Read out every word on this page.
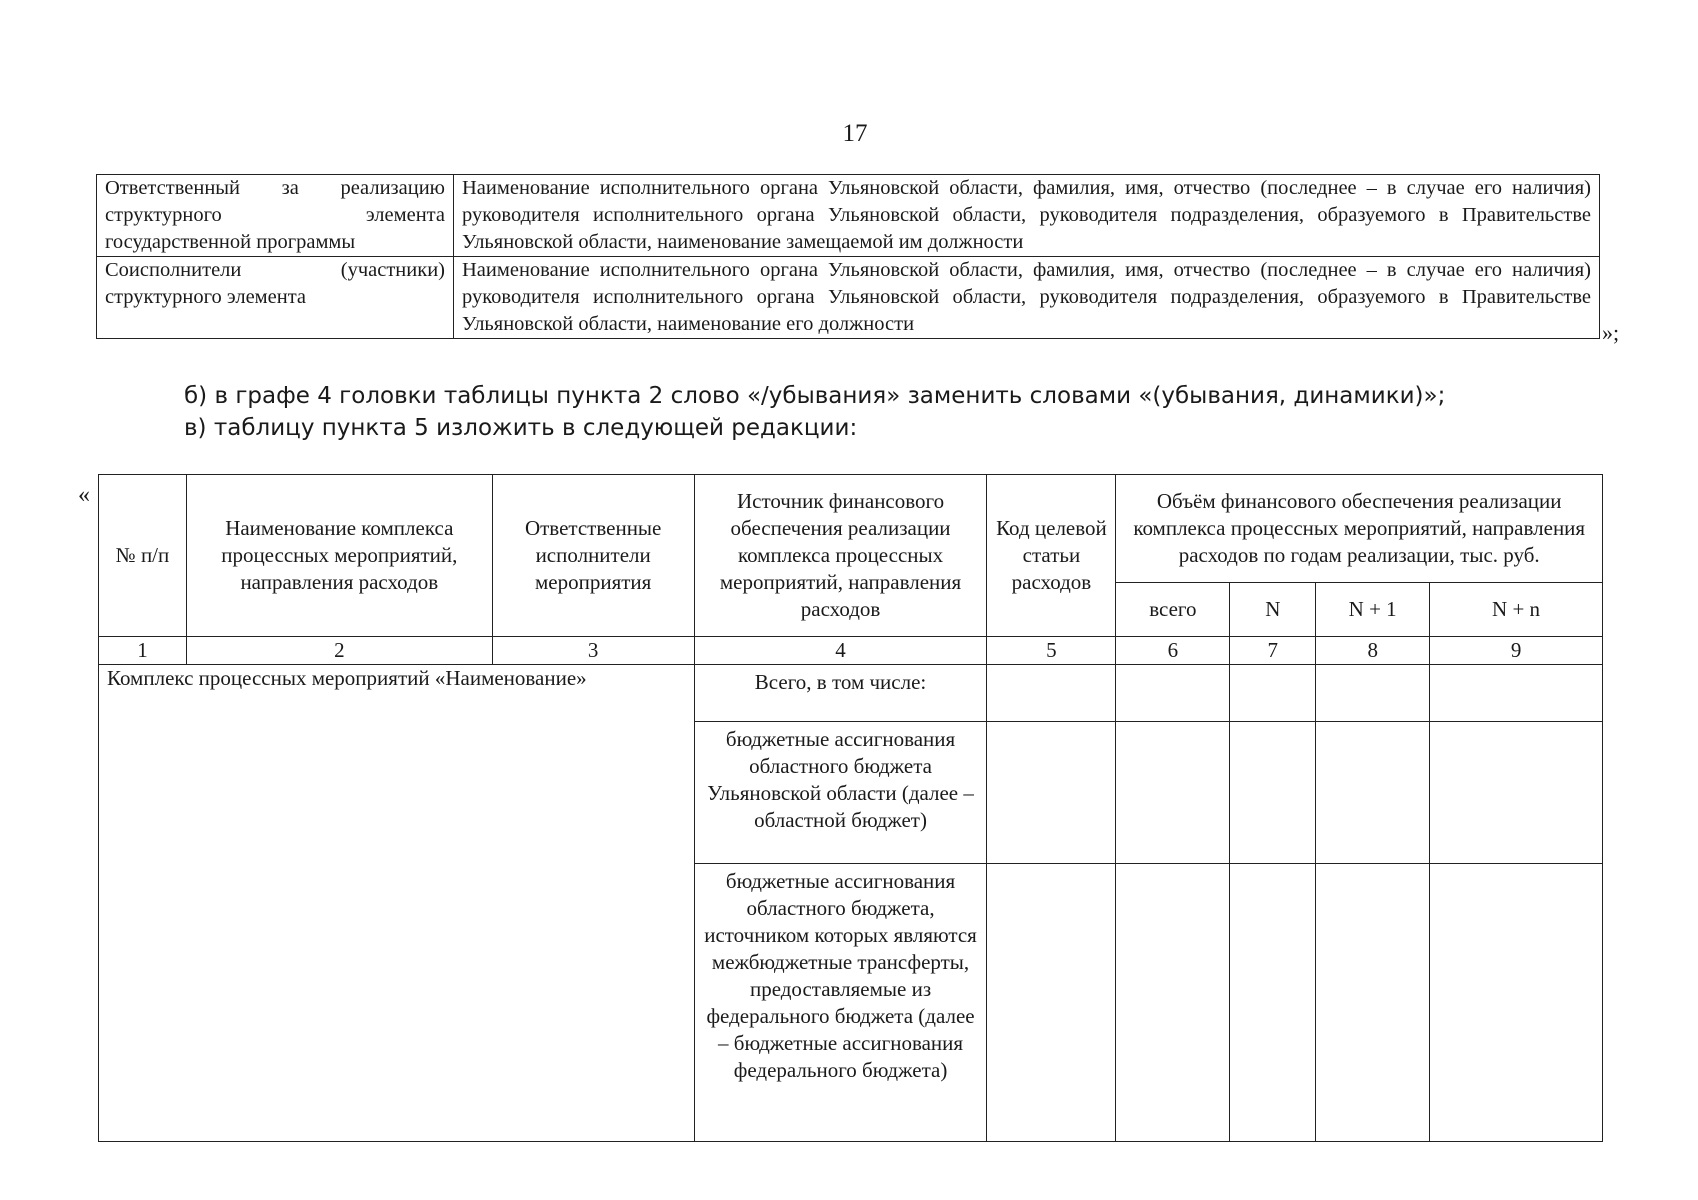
17
Ответственный за реализацию структурного элемента государственной программы	Наименование исполнительного органа Ульяновской области, фамилия, имя, отчество (последнее – в случае его наличия) руководителя исполнительного органа Ульяновской области, руководителя подразделения, образуемого в Правительстве Ульяновской области, наименование замещаемой им должности
Соисполнители (участники) структурного элемента	Наименование исполнительного органа Ульяновской области, фамилия, имя, отчество (последнее – в случае его наличия) руководителя исполнительного органа Ульяновской области, руководителя подразделения, образуемого в Правительстве Ульяновской области, наименование его должности	»;
б) в графе 4 головки таблицы пункта 2 слово «/убывания» заменить словами «(убывания, динамики)»;
в) таблицу пункта 5 изложить в следующей редакции:
«
№ п/п	Наименование комплекса процессных мероприятий, направления расходов	Ответственные исполнители мероприятия	Источник финансового обеспечения реализации комплекса процессных мероприятий, направления расходов	Код целевой статьи расходов	Объём финансового обеспечения реализации комплекса процессных мероприятий, направления расходов по годам реализации, тыс. руб.			
					всего	N	N + 1	N + n
1	2	3	4	5	6	7	8	9
Комплекс процессных мероприятий «Наименование»			Всего, в том числе:					
			бюджетные ассигнования областного бюджета Ульяновской области (далее – областной бюджет)					
			бюджетные ассигнования областного бюджета, источником которых являются межбюджетные трансферты, предоставляемые из федерального бюджета (далее – бюджетные ассигнования федерального бюджета)					
